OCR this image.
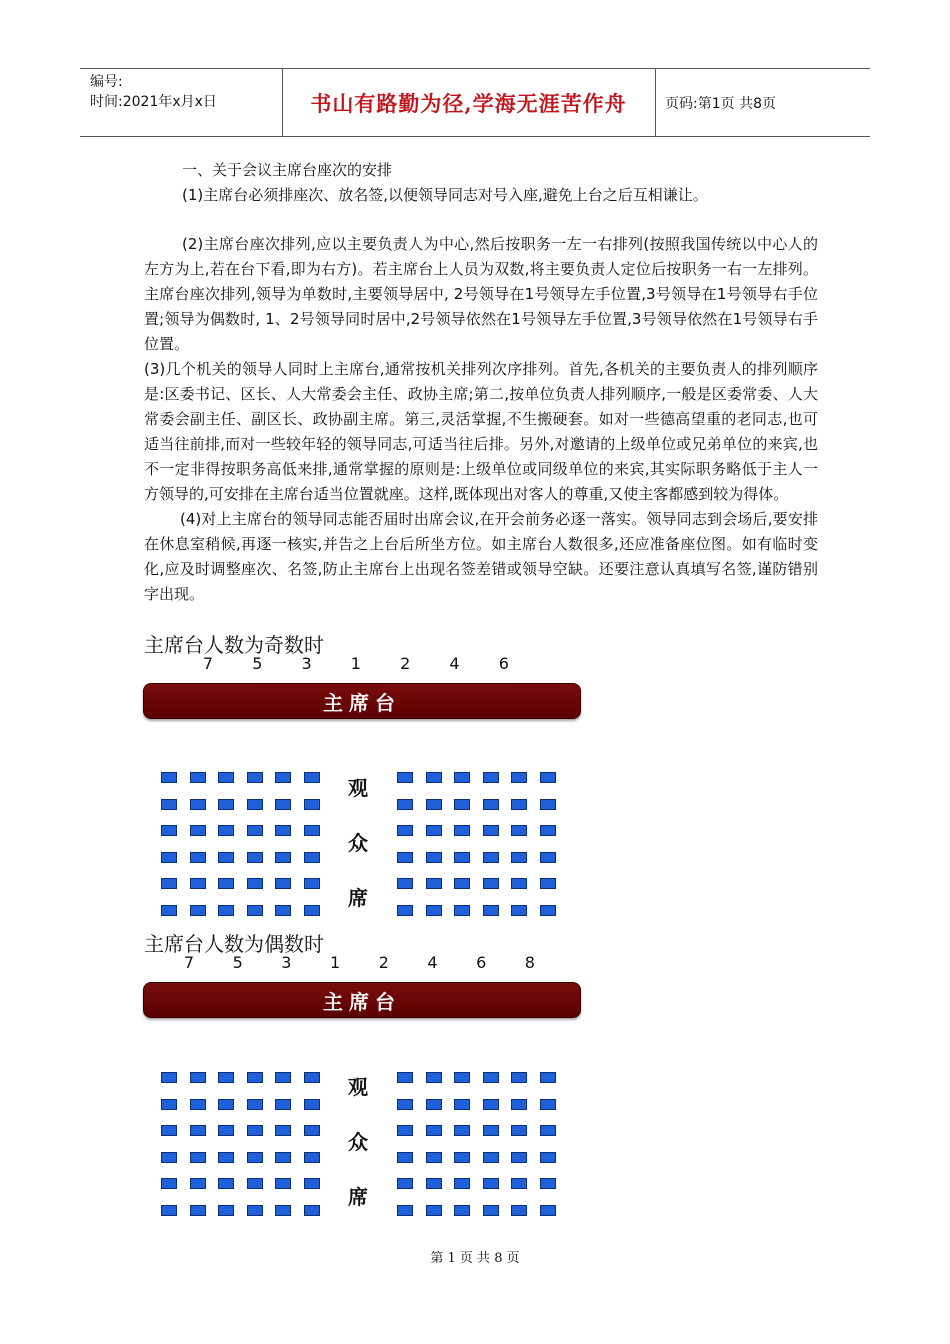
编号:
时间:2021年x月x日	书山有路勤为径,学海无涯苦作舟	页码:第1页 共8页

一、关于会议主席台座次的安排

(1)主席台必须排座次、放名签,以便领导同志对号入座,避免上台之后互相谦让。

(2)主席台座次排列,应以主要负责人为中心,然后按职务一左一右排列(按照我国传统以中心人的左方为上,若在台下看,即为右方)。若主席台上人员为双数,将主要负责人定位后按职务一右一左排列。主席台座次排列,领导为单数时,主要领导居中, 2号领导在1号领导左手位置,3号领导在1号领导右手位置;领导为偶数时, 1、2号领导同时居中,2号领导依然在1号领导左手位置,3号领导依然在1号领导右手位置。

(3)几个机关的领导人同时上主席台,通常按机关排列次序排列。首先,各机关的主要负责人的排列顺序是:区委书记、区长、人大常委会主任、政协主席;第二,按单位负责人排列顺序,一般是区委常委、人大常委会副主任、副区长、政协副主席。第三,灵活掌握,不生搬硬套。如对一些德高望重的老同志,也可适当往前排,而对一些较年轻的领导同志,可适当往后排。另外,对邀请的上级单位或兄弟单位的来宾,也不一定非得按职务高低来排,通常掌握的原则是:上级单位或同级单位的来宾,其实际职务略低于主人一方领导的,可安排在主席台适当位置就座。这样,既体现出对客人的尊重,又使主客都感到较为得体。

(4)对上主席台的领导同志能否届时出席会议,在开会前务必逐一落实。领导同志到会场后,要安排在休息室稍候,再逐一核实,并告之上台后所坐方位。如主席台人数很多,还应准备座位图。如有临时变化,应及时调整座次、名签,防止主席台上出现名签差错或领导空缺。还要注意认真填写名签,谨防错别字出现。

主席台人数为奇数时
7 5 3 1 2 4 6
主席台
观
众
席
主席台人数为偶数时
7 5 3 1 2 4 6 8
主席台
观
众
席
第 1 页 共 8 页
